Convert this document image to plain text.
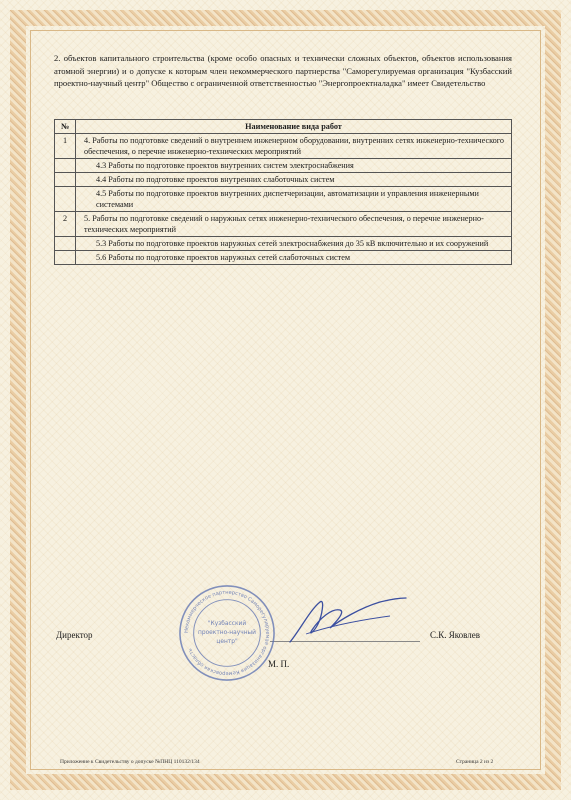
2. объектов капитального строительства (кроме особо опасных и технически сложных объектов, объектов использования атомной энергии) и о допуске к которым член некоммерческого партнерства "Саморегулируемая организация "Кузбасский проектно-научный центр" Общество с ограниченной ответственностью "Энергопроектналадка" имеет Свидетельство
№	Наименование вида работ
1	4. Работы по подготовке сведений о внутреннем инженерном оборудовании, внутренних сетях инженерно-технического обеспечения, о перечне инженерно-технических мероприятий
	4.3 Работы по подготовке проектов внутренних систем электроснабжения
	4.4 Работы по подготовке проектов внутренних слаботочных систем
	4.5 Работы по подготовке проектов внутренних диспетчеризации, автоматизации и управления инженерными системами
2	5. Работы по подготовке сведений о наружных сетях инженерно-технического обеспечения, о перечне инженерно-технических мероприятий
	5.3 Работы по подготовке проектов наружных сетей электроснабжения до 35 кВ включительно и их сооружений
	5.6 Работы по подготовке проектов наружных сетей слаботочных систем
Директор	С.К. Яковлев
М. П.
Некоммерческое партнерство Саморегулируемая организация Кемеровская область
"Кузбасский
проектно-научный
центр"
Приложение к Свидетельству о допуске №ПНЦ 110132/134	Страница 2 из 2
